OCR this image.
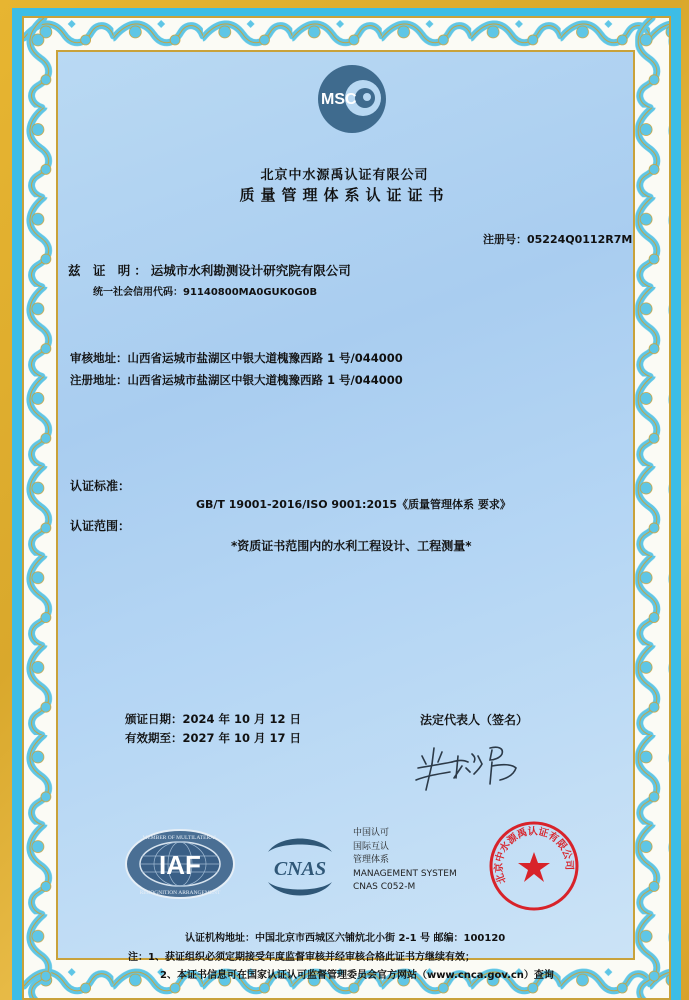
MSC
北京中水源禹认证有限公司
质量管理体系认证证书
注册号：05224Q0112R7M
兹 证 明：运城市水利勘测设计研究院有限公司
统一社会信用代码：91140800MA0GUK0G0B
审核地址：山西省运城市盐湖区中银大道槐豫西路 1 号/044000
注册地址：山西省运城市盐湖区中银大道槐豫西路 1 号/044000
认证标准：
GB/T 19001-2016/ISO 9001:2015《质量管理体系 要求》
认证范围：
*资质证书范围内的水利工程设计、工程测量*
颁证日期：2024 年 10 月 12 日
有效期至：2027 年 10 月 17 日
法定代表人（签名）
IAF
MEMBER OF MULTILATERAL
RECOGNITION ARRANGEMENT
CNAS
中国认可
国际互认
管理体系
MANAGEMENT SYSTEM
CNAS C052-M
北京中水源禹认证有限公司
认证机构地址：中国北京市西城区六铺炕北小街 2-1 号 邮编：100120
注：1、获证组织必须定期接受年度监督审核并经审核合格此证书方继续有效；
2、本证书信息可在国家认证认可监督管理委员会官方网站（www.cnca.gov.cn）查询
